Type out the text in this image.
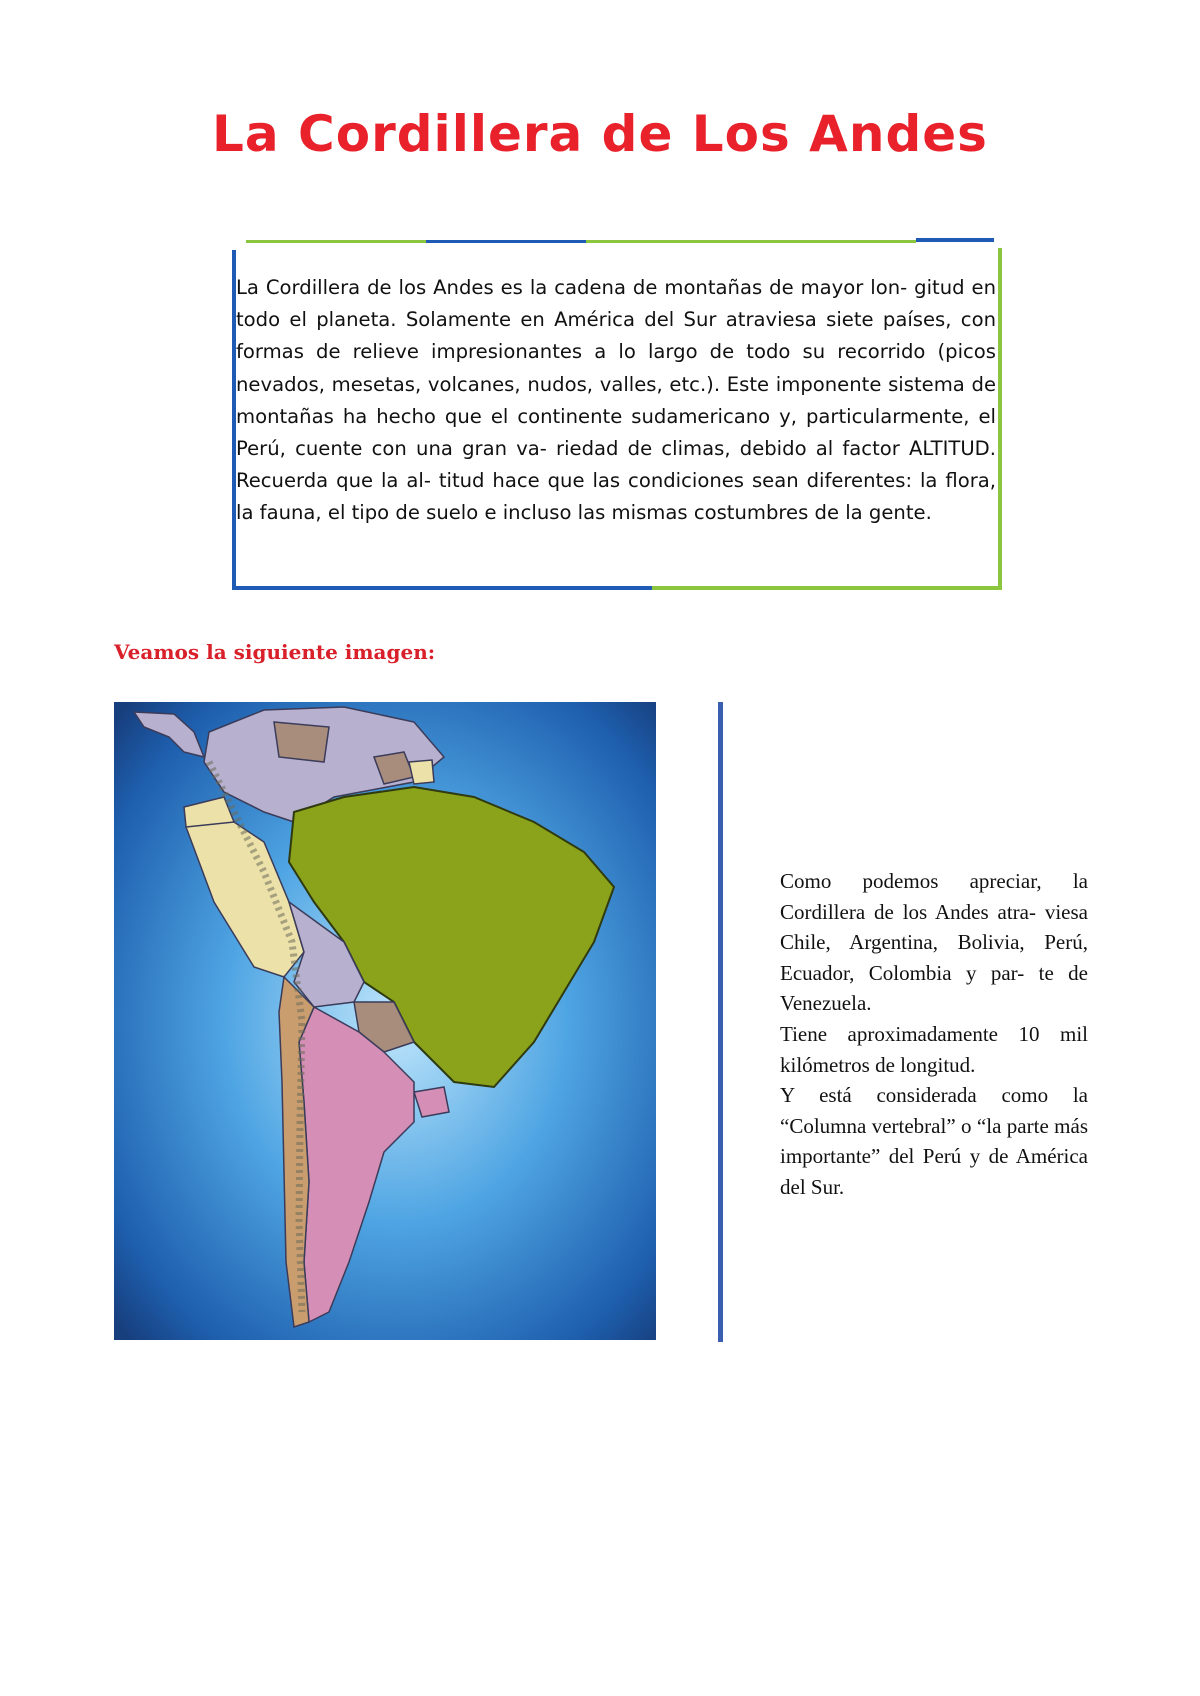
La Cordillera de Los Andes

La Cordillera de los Andes es la cadena de montañas de mayor lon- gitud en todo el planeta. Solamente en América del Sur atraviesa siete países, con formas de relieve impresionantes a lo largo de todo su recorrido (picos nevados, mesetas, volcanes, nudos, valles, etc.). Este imponente sistema de montañas ha hecho que el continente sudamericano y, particularmente, el Perú, cuente con una gran va- riedad de climas, debido al factor ALTITUD. Recuerda que la al- titud hace que las condiciones sean diferentes: la flora, la fauna, el tipo de suelo e incluso las mismas costumbres de la gente.

Veamos la siguiente imagen:

Como podemos apreciar, la Cordillera de los Andes atra- viesa Chile, Argentina, Bolivia, Perú, Ecuador, Colombia y par- te de Venezuela.

Tiene aproximadamente 10 mil kilómetros de longitud.

Y está considerada como la “Columna vertebral” o “la parte más importante” del Perú y de América del Sur.
